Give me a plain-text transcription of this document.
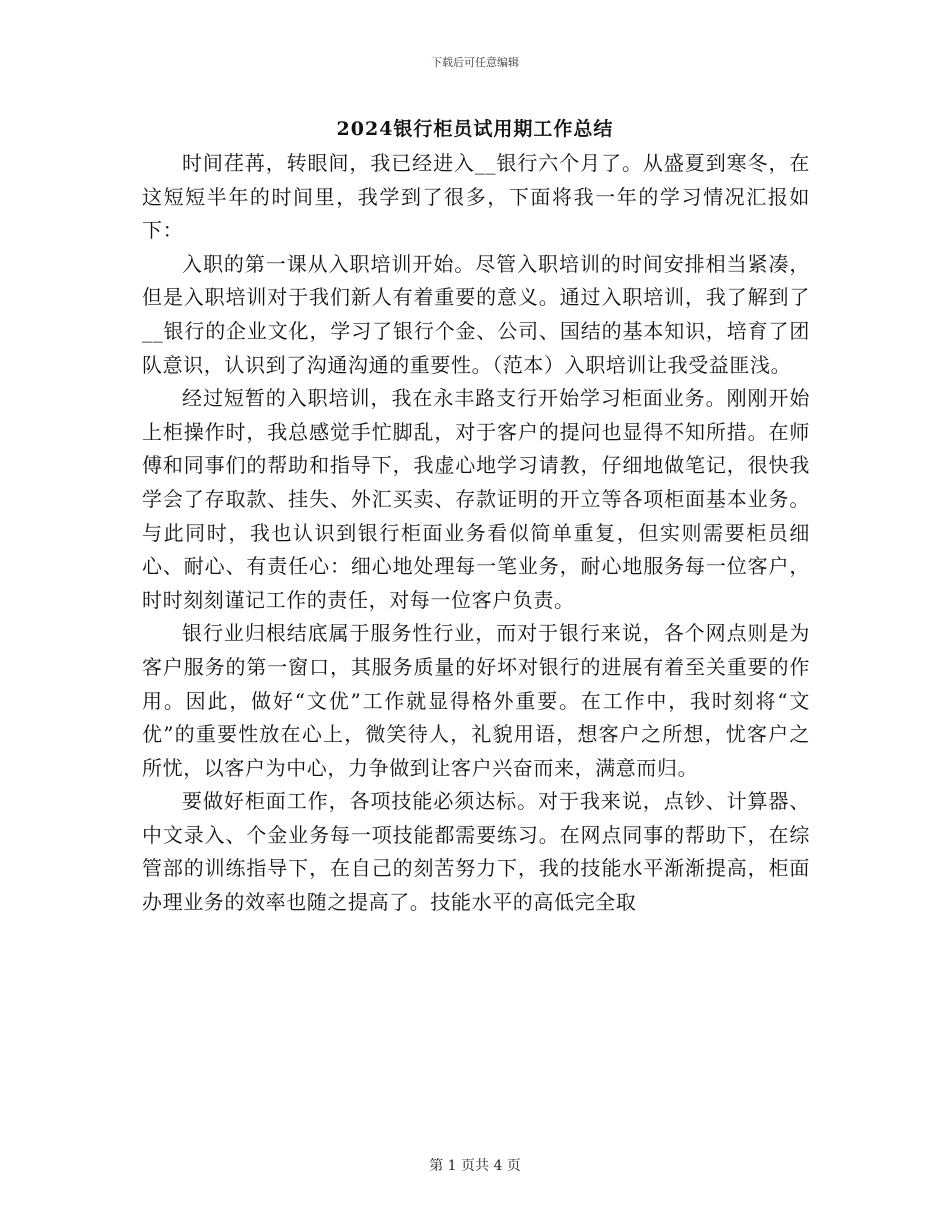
下载后可任意编辑
2024银行柜员试用期工作总结

时间荏苒，转眼间，我已经进入__银行六个月了。从盛夏到寒冬，在这短短半年的时间里，我学到了很多，下面将我一年的学习情况汇报如下：

入职的第一课从入职培训开始。尽管入职培训的时间安排相当紧凑，但是入职培训对于我们新人有着重要的意义。通过入职培训，我了解到了__银行的企业文化，学习了银行个金、公司、国结的基本知识，培育了团队意识，认识到了沟通沟通的重要性。（范本）入职培训让我受益匪浅。

经过短暂的入职培训，我在永丰路支行开始学习柜面业务。刚刚开始上柜操作时，我总感觉手忙脚乱，对于客户的提问也显得不知所措。在师傅和同事们的帮助和指导下，我虚心地学习请教，仔细地做笔记，很快我学会了存取款、挂失、外汇买卖、存款证明的开立等各项柜面基本业务。与此同时，我也认识到银行柜面业务看似简单重复，但实则需要柜员细心、耐心、有责任心：细心地处理每一笔业务，耐心地服务每一位客户，时时刻刻谨记工作的责任，对每一位客户负责。

银行业归根结底属于服务性行业，而对于银行来说，各个网点则是为客户服务的第一窗口，其服务质量的好坏对银行的进展有着至关重要的作用。因此，做好“文优”工作就显得格外重要。在工作中，我时刻将“文优”的重要性放在心上，微笑待人，礼貌用语，想客户之所想，忧客户之所忧，以客户为中心，力争做到让客户兴奋而来，满意而归。

要做好柜面工作，各项技能必须达标。对于我来说，点钞、计算器、中文录入、个金业务每一项技能都需要练习。在网点同事的帮助下，在综管部的训练指导下，在自己的刻苦努力下，我的技能水平渐渐提高，柜面办理业务的效率也随之提高了。技能水平的高低完全取

第 1 页共 4 页
